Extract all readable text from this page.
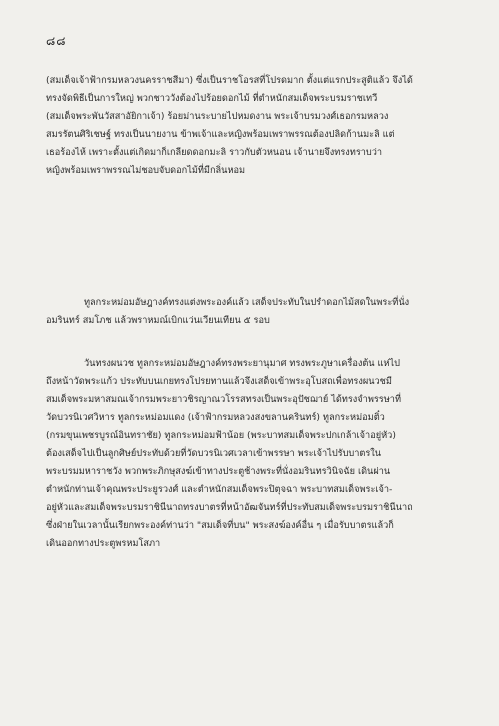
๘๘
(สมเด็จเจ้าฟ้ากรมหลวงนครราชสีมา) ซึ่งเป็นราชโอรสที่โปรดมาก ตั้งแต่แรกประสูติแล้ว จึงได้
ทรงจัดพิธีเป็นการใหญ่ พวกชาววังต้องไปร้อยดอกไม้ ที่ตำหนักสมเด็จพระบรมราชเทวี
(สมเด็จพระพันวัสสาอัยิกาเจ้า) ร้อยม่านระบายไปหมดงาน พระเจ้าบรมวงศ์เธอกรมหลวง
สมรรัตนศิริเชษฐ์ ทรงเป็นนายงาน ข้าพเจ้าและหญิงพร้อมเพราพรรณต้องปลิดก้านมะลิ แต่
เธอร้องไห้ เพราะตั้งแต่เกิดมาก็เกลียดดอกมะลิ ราวกับตัวหนอน เจ้านายจึงทรงทราบว่า
หญิงพร้อมเพราพรรณไม่ชอบจับดอกไม้ที่มีกลิ่นหอม
ทูลกระหม่อมอัษฎางค์ทรงแต่งพระองค์แล้ว เสด็จประทับในปรำดอกไม้สดในพระที่นั่ง
อมรินทร์ สมโภช แล้วพราหมณ์เบิกแว่นเวียนเทียน ๕ รอบ
วันทรงผนวช ทูลกระหม่อมอัษฎางค์ทรงพระยานุมาศ ทรงพระภูษาเครื่องต้น แห่ไป
ถึงหน้าวัดพระแก้ว ประทับบนเกยทรงโปรยทานแล้วจึงเสด็จเข้าพระอุโบสถเพื่อทรงผนวชมี
สมเด็จพระมหาสมณเจ้ากรมพระยาวชิรญาณวโรรสทรงเป็นพระอุปัชฌาย์ ได้ทรงจำพรรษาที่
วัดบวรนิเวศวิหาร ทูลกระหม่อมแดง (เจ้าฟ้ากรมหลวงสงขลานครินทร์) ทูลกระหม่อมติ๋ว
(กรมขุนเพชรบูรณ์อินทราชัย) ทูลกระหม่อมฟ้าน้อย (พระบาทสมเด็จพระปกเกล้าเจ้าอยู่หัว)
ต้องเสด็จไปเป็นลูกศิษย์ประทับด้วยที่วัดบวรนิเวศเวลาเข้าพรรษา พระเจ้าไปรับบาตรใน
พระบรมมหาราชวัง พวกพระภิกษุสงฆ์เข้าทางประตูช้างพระที่นั่งอมรินทรวินิจฉัย เดินผ่าน
ตำหนักท่านเจ้าคุณพระประยูรวงศ์ และตำหนักสมเด็จพระปิตุจฉา พระบาทสมเด็จพระเจ้า-
อยู่หัวและสมเด็จพระบรมราชินีนาถทรงบาตรที่หน้าอัฒจันทร์ที่ประทับสมเด็จพระบรมราชินีนาถ
ซึ่งฝ่ายในเวลานั้นเรียกพระองค์ท่านว่า "สมเด็จที่บน" พระสงฆ์องค์อื่น ๆ เมื่อรับบาตรแล้วก็
เดินออกทางประตูพรหมโสภา
